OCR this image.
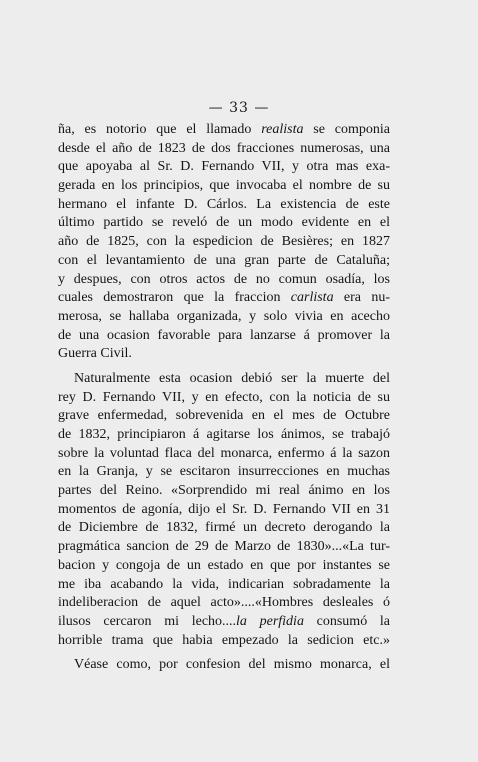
— 33 —
ña, es notorio que el llamado realista se componia
desde el año de 1823 de dos fracciones numerosas, una
que apoyaba al Sr. D. Fernando VII, y otra mas exa-
gerada en los principios, que invocaba el nombre de su
hermano el infante D. Cárlos. La existencia de este
último partido se reveló de un modo evidente en el
año de 1825, con la espedicion de Besières; en 1827
con el levantamiento de una gran parte de Cataluña;
y despues, con otros actos de no comun osadía, los
cuales demostraron que la fraccion carlista era nu-
merosa, se hallaba organizada, y solo vivia en acecho
de una ocasion favorable para lanzarse á promover la
Guerra Civil.
Naturalmente esta ocasion debió ser la muerte del
rey D. Fernando VII, y en efecto, con la noticia de su
grave enfermedad, sobrevenida en el mes de Octubre
de 1832, principiaron á agitarse los ánimos, se trabajó
sobre la voluntad flaca del monarca, enfermo á la sazon
en la Granja, y se escitaron insurrecciones en muchas
partes del Reino. «Sorprendido mi real ánimo en los
momentos de agonía, dijo el Sr. D. Fernando VII en 31
de Diciembre de 1832, firmé un decreto derogando la
pragmática sancion de 29 de Marzo de 1830»...«La tur-
bacion y congoja de un estado en que por instantes se
me iba acabando la vida, indicarian sobradamente la
indeliberacion de aquel acto»....«Hombres desleales ó
ilusos cercaron mi lecho....la perfidia consumó la
horrible trama que habia empezado la sedicion etc.»
Véase como, por confesion del mismo monarca, el
